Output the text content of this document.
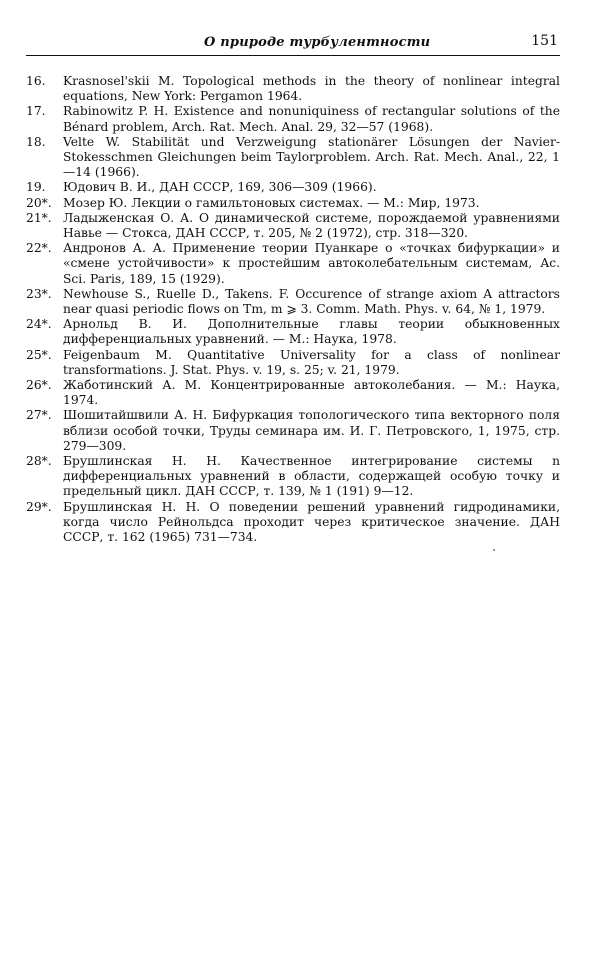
О природе турбулентности	151
16.	Krasnosel'skii M. Topological methods in the theory of nonlinear integral equations, New York: Pergamon 1964.
17.	Rabinowitz P. H. Existence and nonuniquiness of rectangular solutions of the Bénard problem, Arch. Rat. Mech. Anal. 29, 32—57 (1968).
18.	Velte W. Stabilität und Verzweigung stationärer Lösungen der Navier-Stokesschmen Gleichungen beim Taylorproblem. Arch. Rat. Mech. Anal., 22, 1—14 (1966).
19.	Юдович В. И., ДАН СССР, 169, 306—309 (1966).
20*. Мозер Ю. Лекции о гамильтоновых системах. — М.: Мир, 1973.
21*. Ладыженская О. А. О динамической системе, порождаемой уравнениями Навье — Стокса, ДАН СССР, т. 205, № 2 (1972), стр. 318—320.
22*. Андронов А. А. Применение теории Пуанкаре о «точках бифуркации» и «смене устойчивости» к простейшим автоколебательным системам, Ac. Sci. Paris, 189, 15 (1929).
23*. Newhouse S., Ruelle D., Takens. F. Occurence of strange axiom A attractors near quasi periodic flows on Tm, m ⩾ 3. Comm. Math. Phys. v. 64, № 1, 1979.
24*. Арнольд В. И. Дополнительные главы теории обыкновенных дифференциальных уравнений. — М.: Наука, 1978.
25*. Feigenbaum M. Quantitative Universality for a class of nonlinear transformations. J. Stat. Phys. v. 19, s. 25; v. 21, 1979.
26*. Жаботинский А. М. Концентрированные автоколебания. — М.: Наука, 1974.
27*. Шошитайшвили А. Н. Бифуркация топологического типа векторного поля вблизи особой точки, Труды семинара им. И. Г. Петровского, 1, 1975, стр. 279—309.
28*. Брушлинская Н. Н. Качественное интегрирование системы n дифференциальных уравнений в области, содержащей особую точку и предельный цикл. ДАН СССР, т. 139, № 1 (191) 9—12.
29*. Брушлинская Н. Н. О поведении решений уравнений гидродинамики, когда число Рейнольдса проходит через критическое значение. ДАН СССР, т. 162 (1965) 731—734.
